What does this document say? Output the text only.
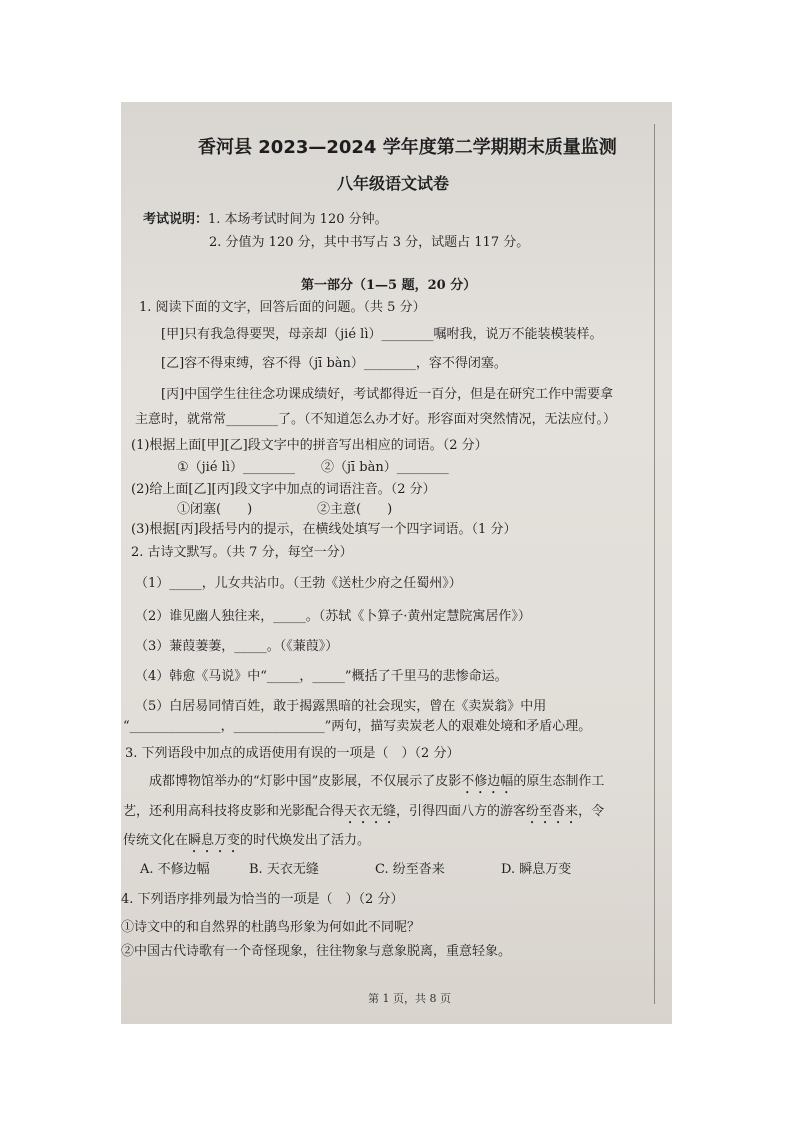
香河县 2023—2024 学年度第二学期期末质量监测
八年级语文试卷
考试说明：1. 本场考试时间为 120 分钟。
2. 分值为 120 分，其中书写占 3 分，试题占 117 分。
第一部分（1—5 题，20 分）
1. 阅读下面的文字，回答后面的问题。（共 5 分）
[甲]只有我急得要哭，母亲却（jié lì）________嘱咐我，说万不能装模装样。
[乙]容不得束缚，容不得（jī bàn）________，容不得闭塞。
[丙]中国学生往往念功课成绩好，考试都得近一百分，但是在研究工作中需要拿
主意时，就常常________了。（不知道怎么办才好。形容面对突然情况，无法应付。）
(1)根据上面[甲][乙]段文字中的拼音写出相应的词语。（2 分）
①（jié lì）________　　②（jī bàn）________
(2)给上面[乙][丙]段文字中加点的词语注音。（2 分）
①闭塞(　　)	②主意(　　)
(3)根据[丙]段括号内的提示，在横线处填写一个四字词语。（1 分）
2. 古诗文默写。（共 7 分，每空一分）
（1）_____，儿女共沾巾。（王勃《送杜少府之任蜀州》）
（2）谁见幽人独往来，_____。（苏轼《卜算子·黄州定慧院寓居作》）
（3）蒹葭萋萋，_____。（《蒹葭》）
（4）韩愈《马说》中“_____，_____”概括了千里马的悲惨命运。
（5）白居易同情百姓，敢于揭露黑暗的社会现实，曾在《卖炭翁》中用
“______________，______________”两句，描写卖炭老人的艰难处境和矛盾心理。
3. 下列语段中加点的成语使用有误的一项是（　）（2 分）
成都博物馆举办的“灯影中国”皮影展，不仅展示了皮影不修边幅的原生态制作工
艺，还利用高科技将皮影和光影配合得天衣无缝，引得四面八方的游客纷至沓来，令
传统文化在瞬息万变的时代焕发出了活力。
A. 不修边幅	B. 天衣无缝	C. 纷至沓来	D. 瞬息万变
4. 下列语序排列最为恰当的一项是（　）（2 分）
①诗文中的和自然界的杜鹃鸟形象为何如此不同呢？
②中国古代诗歌有一个奇怪现象，往往物象与意象脱离，重意轻象。
第 1 页，共 8 页
